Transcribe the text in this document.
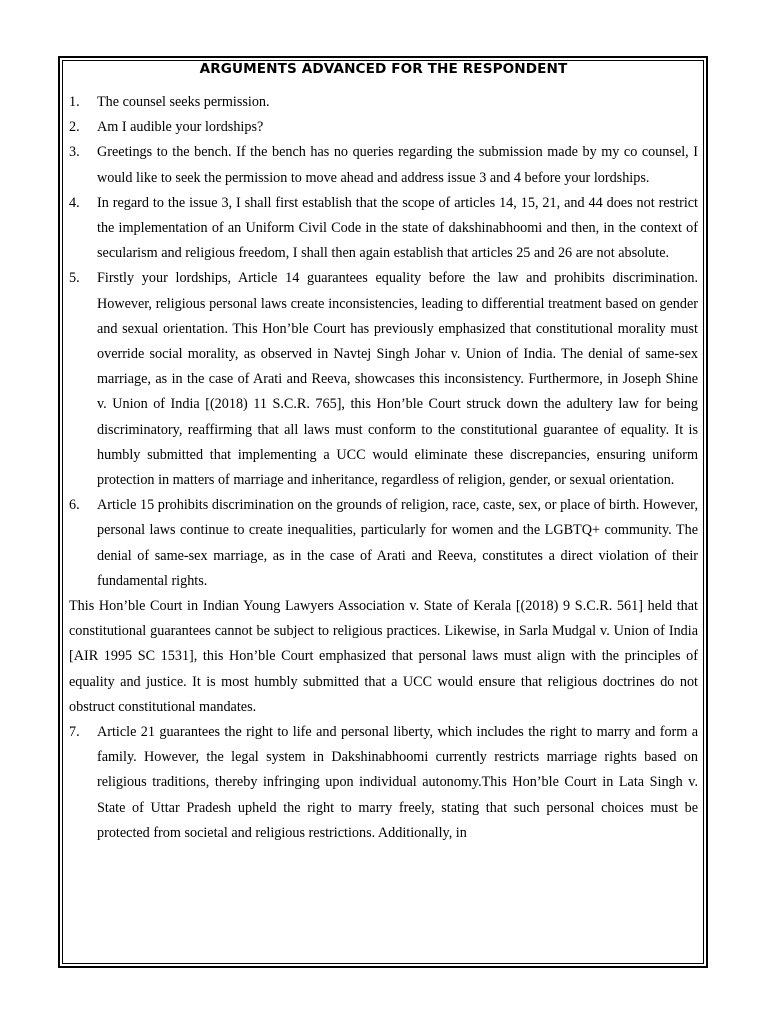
ARGUMENTS ADVANCED FOR THE RESPONDENT
1. The counsel seeks permission.
2. Am I audible your lordships?
3. Greetings to the bench. If the bench has no queries regarding the submission made by my co counsel, I would like to seek the permission to move ahead and address issue 3 and 4 before your lordships.
4. In regard to the issue 3, I shall first establish that the scope of articles 14, 15, 21, and 44 does not restrict the implementation of an Uniform Civil Code in the state of dakshinabhoomi and then, in the context of secularism and religious freedom, I shall then again establish that articles 25 and 26 are not absolute.
5. Firstly your lordships, Article 14 guarantees equality before the law and prohibits discrimination. However, religious personal laws create inconsistencies, leading to differential treatment based on gender and sexual orientation. This Hon’ble Court has previously emphasized that constitutional morality must override social morality, as observed in Navtej Singh Johar v. Union of India. The denial of same-sex marriage, as in the case of Arati and Reeva, showcases this inconsistency. Furthermore, in Joseph Shine v. Union of India [(2018) 11 S.C.R. 765], this Hon’ble Court struck down the adultery law for being discriminatory, reaffirming that all laws must conform to the constitutional guarantee of equality. It is humbly submitted that implementing a UCC would eliminate these discrepancies, ensuring uniform protection in matters of marriage and inheritance, regardless of religion, gender, or sexual orientation.
6. Article 15 prohibits discrimination on the grounds of religion, race, caste, sex, or place of birth. However, personal laws continue to create inequalities, particularly for women and the LGBTQ+ community. The denial of same-sex marriage, as in the case of Arati and Reeva, constitutes a direct violation of their fundamental rights.
This Hon’ble Court in Indian Young Lawyers Association v. State of Kerala [(2018) 9 S.C.R. 561] held that constitutional guarantees cannot be subject to religious practices. Likewise, in Sarla Mudgal v. Union of India [AIR 1995 SC 1531], this Hon’ble Court emphasized that personal laws must align with the principles of equality and justice. It is most humbly submitted that a UCC would ensure that religious doctrines do not obstruct constitutional mandates.
7. Article 21 guarantees the right to life and personal liberty, which includes the right to marry and form a family. However, the legal system in Dakshinabhoomi currently restricts marriage rights based on religious traditions, thereby infringing upon individual autonomy.This Hon’ble Court in Lata Singh v. State of Uttar Pradesh upheld the right to marry freely, stating that such personal choices must be protected from societal and religious restrictions. Additionally, in
